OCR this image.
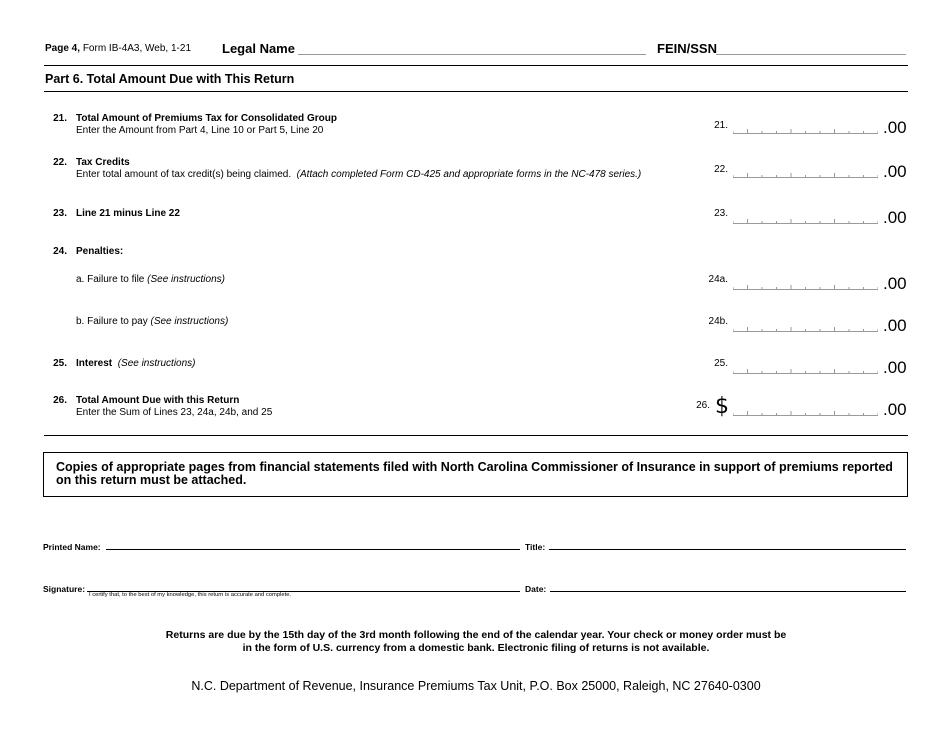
Page 4, Form IB-4A3, Web, 1-21 Legal Name	FEIN/SSN
Part 6. Total Amount Due with This Return
21. Total Amount of Premiums Tax for Consolidated Group
Enter the Amount from Part 4, Line 10 or Part 5, Line 20	21.	.00
22. Tax Credits
Enter total amount of tax credit(s) being claimed. (Attach completed Form CD-425 and appropriate forms in the NC-478 series.)	22.	.00
23. Line 21 minus Line 22	23.	.00
24. Penalties:
a. Failure to file (See instructions)	24a.	.00
b. Failure to pay (See instructions)	24b.	.00
25. Interest (See instructions)	25.	.00
26. Total Amount Due with this Return
Enter the Sum of Lines 23, 24a, 24b, and 25
26. $	.00
Copies of appropriate pages from financial statements filed with North Carolina Commissioner of Insurance in support of premiums reported on this return must be attached.
Printed Name:	Title:
Signature:
I certify that, to the best of my knowledge, this return is accurate and complete.
Date:
Returns are due by the 15th day of the 3rd month following the end of the calendar year. Your check or money order must be in the form of U.S. currency from a domestic bank. Electronic filing of returns is not available.
N.C. Department of Revenue, Insurance Premiums Tax Unit, P.O. Box 25000, Raleigh, NC 27640-0300
